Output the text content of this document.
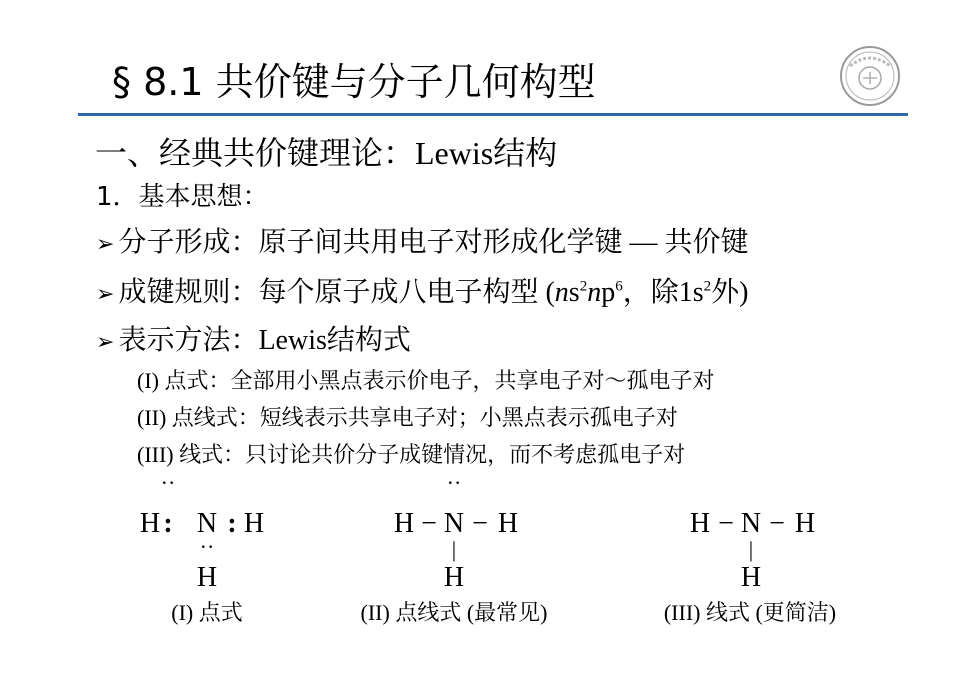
§ 8.1 共价键与分子几何构型
一、经典共价键理论：Lewis结构
1．基本思想：
➢ 分子形成：原子间共用电子对形成化学键 — 共价键
➢ 成键规则：每个原子成八电子构型 ($ns^2np^6$，除$1s^2$外)
➢ 表示方法：Lewis结构式
(I) 点式：全部用小黑点表示价电子，共享电子对～孤电子对
(II) 点线式：短线表示共享电子对；小黑点表示孤电子对
(III) 线式：只讨论共价分子成键情况，而不考虑孤电子对
··
H : N : H
··
H
(I) 点式
··
H − N − H
|
H
(II) 点线式 (最常见)
H − N − H
|
H
(III) 线式 (更简洁)
